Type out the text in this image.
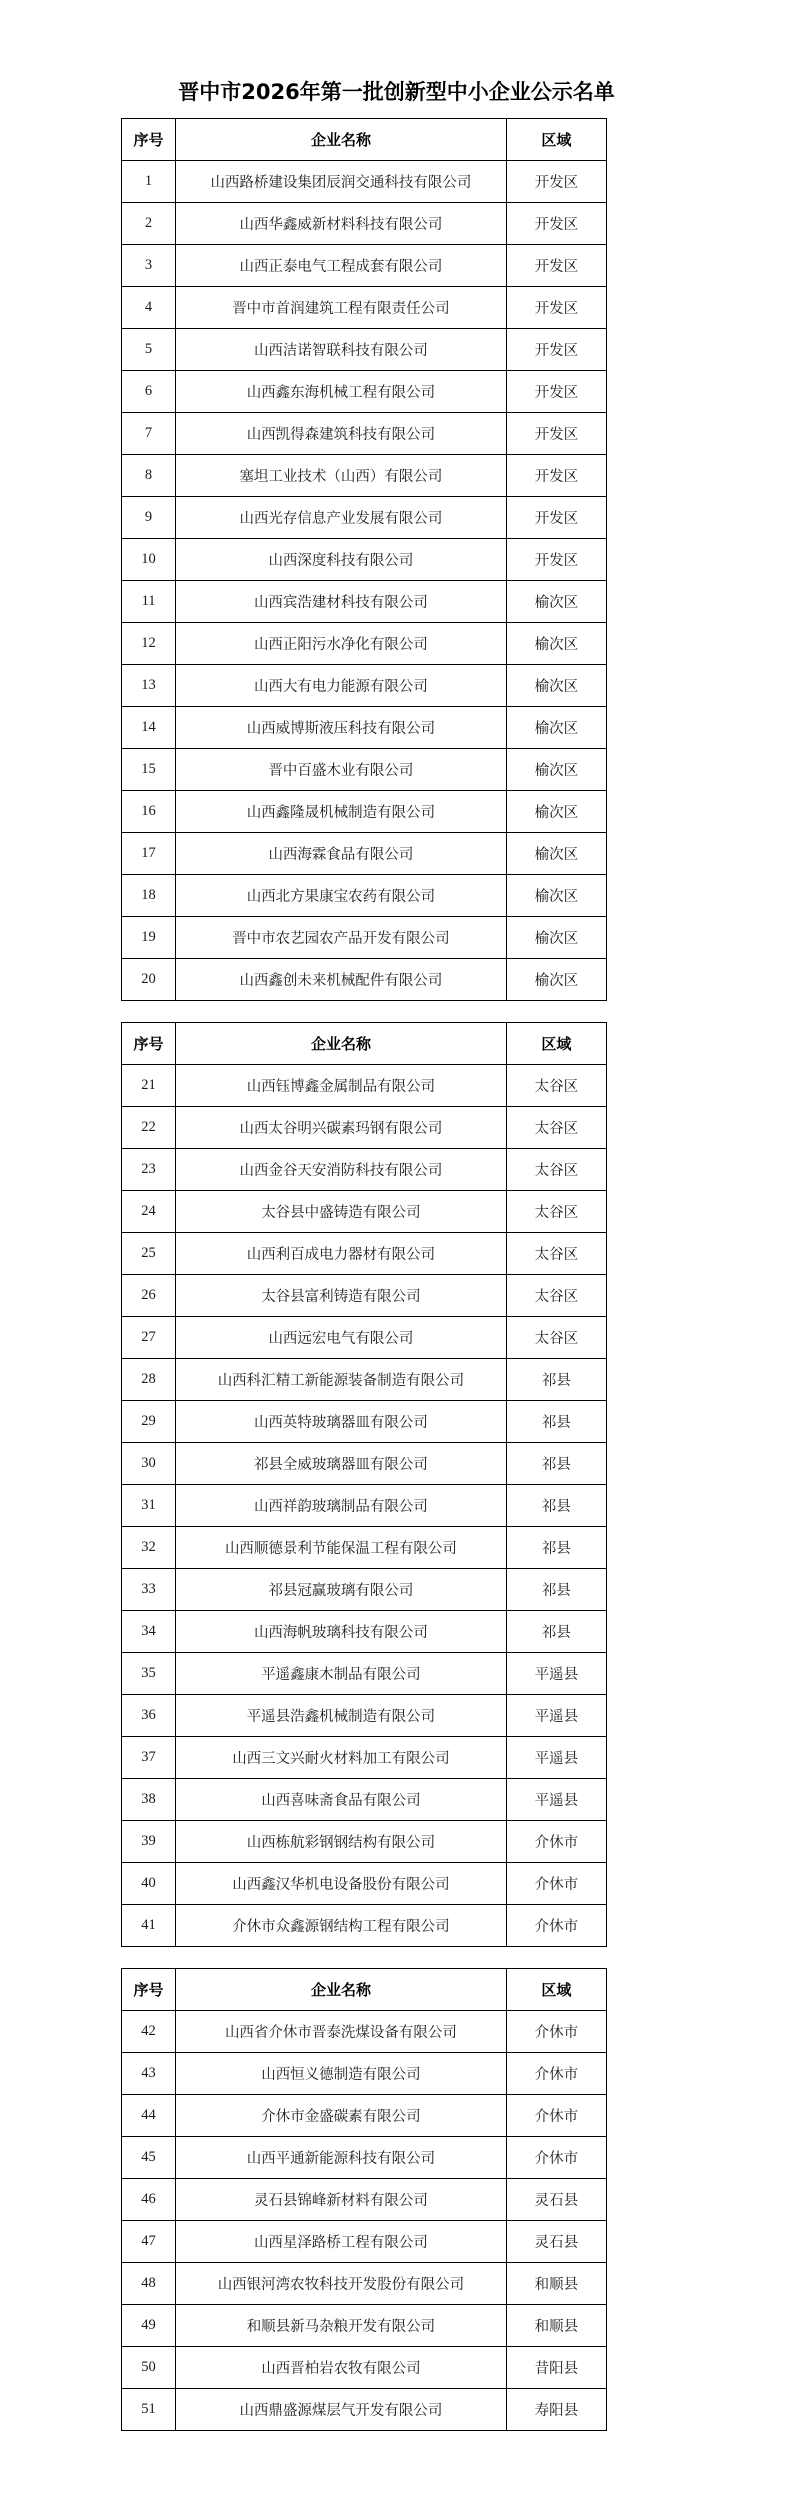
晋中市2026年第一批创新型中小企业公示名单
序号	企业名称	区域
1	山西路桥建设集团辰润交通科技有限公司	开发区
2	山西华鑫威新材料科技有限公司	开发区
3	山西正泰电气工程成套有限公司	开发区
4	晋中市首润建筑工程有限责任公司	开发区
5	山西洁诺智联科技有限公司	开发区
6	山西鑫东海机械工程有限公司	开发区
7	山西凯得森建筑科技有限公司	开发区
8	塞坦工业技术（山西）有限公司	开发区
9	山西光存信息产业发展有限公司	开发区
10	山西深度科技有限公司	开发区
11	山西宾浩建材科技有限公司	榆次区
12	山西正阳污水净化有限公司	榆次区
13	山西大有电力能源有限公司	榆次区
14	山西威博斯液压科技有限公司	榆次区
15	晋中百盛木业有限公司	榆次区
16	山西鑫隆晟机械制造有限公司	榆次区
17	山西海霖食品有限公司	榆次区
18	山西北方果康宝农药有限公司	榆次区
19	晋中市农艺园农产品开发有限公司	榆次区
20	山西鑫创未来机械配件有限公司	榆次区
序号	企业名称	区域
21	山西钰博鑫金属制品有限公司	太谷区
22	山西太谷明兴碳素玛钢有限公司	太谷区
23	山西金谷天安消防科技有限公司	太谷区
24	太谷县中盛铸造有限公司	太谷区
25	山西利百成电力器材有限公司	太谷区
26	太谷县富利铸造有限公司	太谷区
27	山西远宏电气有限公司	太谷区
28	山西科汇精工新能源装备制造有限公司	祁县
29	山西英特玻璃器皿有限公司	祁县
30	祁县全威玻璃器皿有限公司	祁县
31	山西祥韵玻璃制品有限公司	祁县
32	山西顺德景利节能保温工程有限公司	祁县
33	祁县冠赢玻璃有限公司	祁县
34	山西海帆玻璃科技有限公司	祁县
35	平遥鑫康木制品有限公司	平遥县
36	平遥县浩鑫机械制造有限公司	平遥县
37	山西三文兴耐火材料加工有限公司	平遥县
38	山西喜味斋食品有限公司	平遥县
39	山西栋航彩钢钢结构有限公司	介休市
40	山西鑫汉华机电设备股份有限公司	介休市
41	介休市众鑫源钢结构工程有限公司	介休市
序号	企业名称	区域
42	山西省介休市晋泰洗煤设备有限公司	介休市
43	山西恒义德制造有限公司	介休市
44	介休市金盛碳素有限公司	介休市
45	山西平通新能源科技有限公司	介休市
46	灵石县锦峰新材料有限公司	灵石县
47	山西星泽路桥工程有限公司	灵石县
48	山西银河湾农牧科技开发股份有限公司	和顺县
49	和顺县新马杂粮开发有限公司	和顺县
50	山西晋柏岩农牧有限公司	昔阳县
51	山西鼎盛源煤层气开发有限公司	寿阳县
